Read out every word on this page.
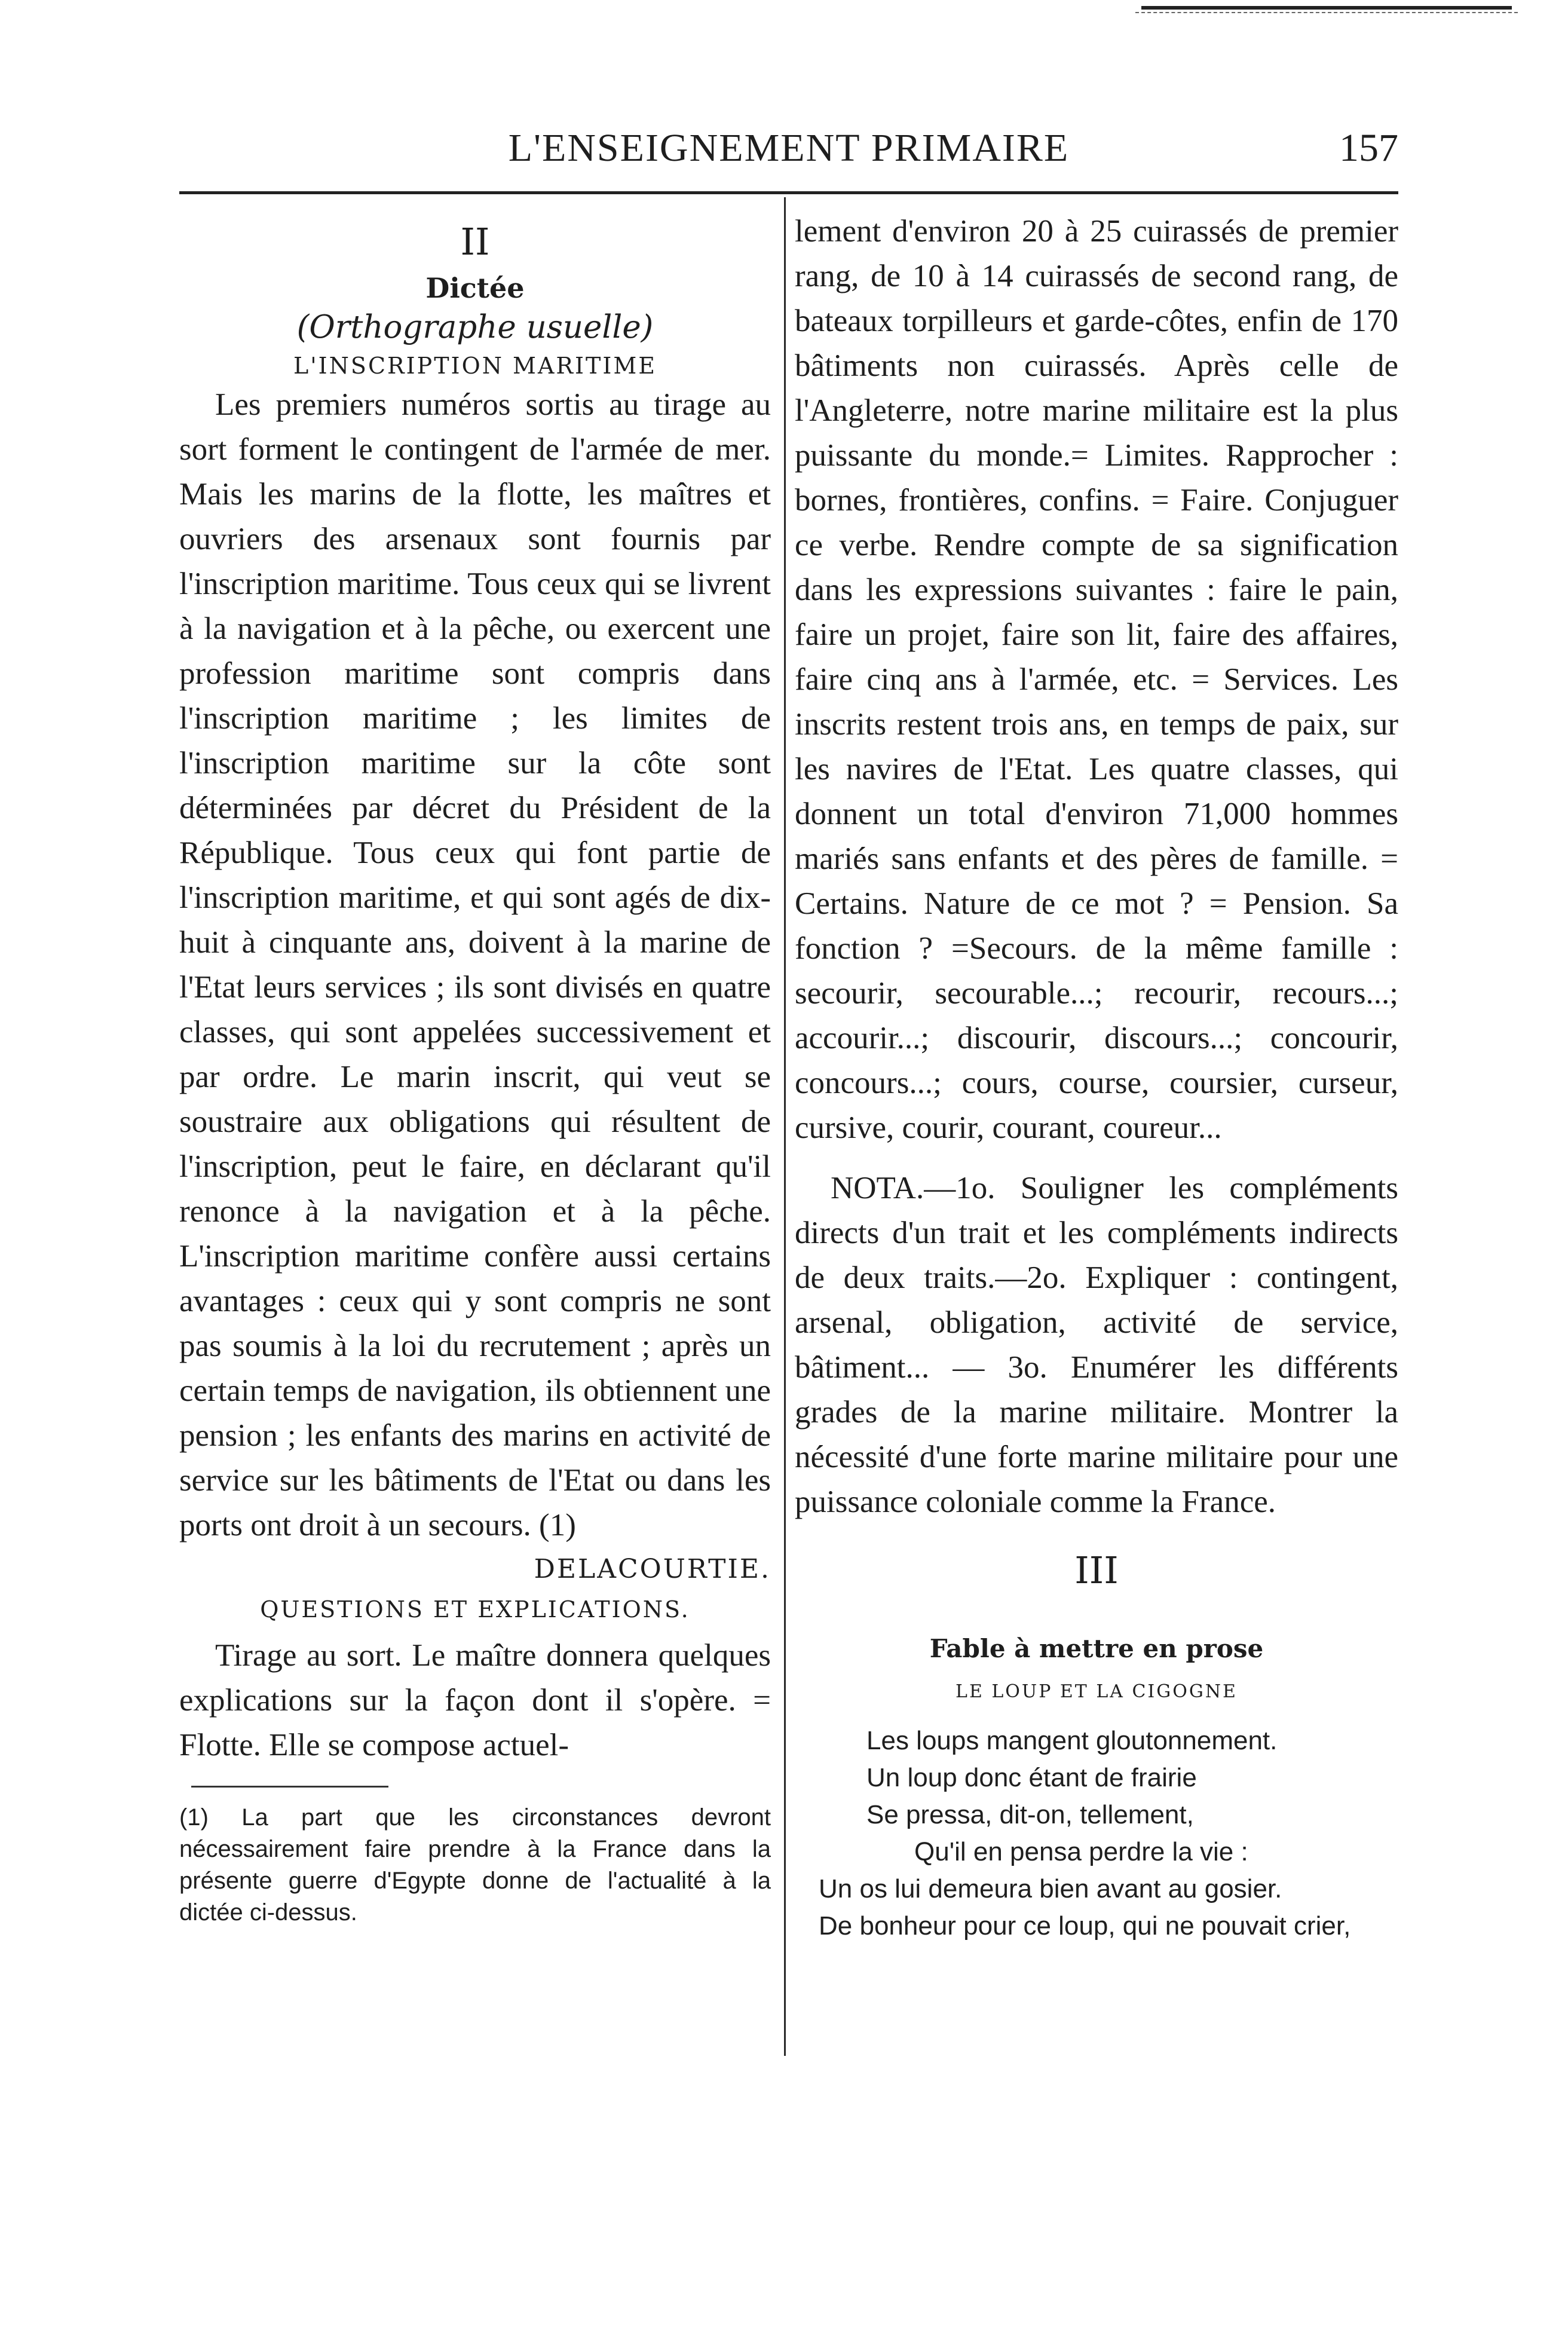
L'ENSEIGNEMENT PRIMAIRE	157
II
Dictée
(Orthographe usuelle)
L'INSCRIPTION MARITIME

Les premiers numéros sortis au tirage au sort forment le contingent de l'armée de mer. Mais les marins de la flotte, les maîtres et ouvriers des arsenaux sont fournis par l'inscription maritime. Tous ceux qui se livrent à la navigation et à la pêche, ou exercent une profession maritime sont compris dans l'inscription maritime ; les limites de l'inscription maritime sur la côte sont déterminées par décret du Président de la République. Tous ceux qui font partie de l'inscription maritime, et qui sont agés de dix-huit à cinquante ans, doivent à la marine de l'Etat leurs services ; ils sont divisés en quatre classes, qui sont appelées successivement et par ordre. Le marin inscrit, qui veut se soustraire aux obligations qui résultent de l'inscription, peut le faire, en déclarant qu'il renonce à la navigation et à la pêche. L'inscription maritime confère aussi certains avantages : ceux qui y sont compris ne sont pas soumis à la loi du recrutement ; après un certain temps de navigation, ils obtiennent une pension ; les enfants des marins en activité de service sur les bâtiments de l'Etat ou dans les ports ont droit à un secours. (1)

DELACOURTIE.
QUESTIONS ET EXPLICATIONS.

Tirage au sort. Le maître donnera quelques explications sur la façon dont il s'opère. = Flotte. Elle se compose actuel-

(1) La part que les circonstances devront nécessairement faire prendre à la France dans la présente guerre d'Egypte donne de l'actualité à la dictée ci-dessus.

lement d'environ 20 à 25 cuirassés de premier rang, de 10 à 14 cuirassés de second rang, de bateaux torpilleurs et garde-côtes, enfin de 170 bâtiments non cuirassés. Après celle de l'Angleterre, notre marine militaire est la plus puissante du monde.= Limites. Rapprocher : bornes, frontières, confins. = Faire. Conjuguer ce verbe. Rendre compte de sa signification dans les expressions suivantes : faire le pain, faire un projet, faire son lit, faire des affaires, faire cinq ans à l'armée, etc. = Services. Les inscrits restent trois ans, en temps de paix, sur les navires de l'Etat. Les quatre classes, qui donnent un total d'environ 71,000 hommes mariés sans enfants et des pères de famille. = Certains. Nature de ce mot ? = Pension. Sa fonction ? =Secours. de la même famille : secourir, secourable...; recourir, recours...; accourir...; discourir, discours...; concourir, concours...; cours, course, coursier, curseur, cursive, courir, courant, coureur...

NOTA.—1o. Souligner les compléments directs d'un trait et les compléments indirects de deux traits.—2o. Expliquer : contingent, arsenal, obligation, activité de service, bâtiment... — 3o. Enumérer les différents grades de la marine militaire. Montrer la nécessité d'une forte marine militaire pour une puissance coloniale comme la France.

III
Fable à mettre en prose
LE LOUP ET LA CIGOGNE

Les loups mangent gloutonnement.

Un loup donc étant de frairie

Se pressa, dit-on, tellement,

Qu'il en pensa perdre la vie :

Un os lui demeura bien avant au gosier.

De bonheur pour ce loup, qui ne pouvait crier,
